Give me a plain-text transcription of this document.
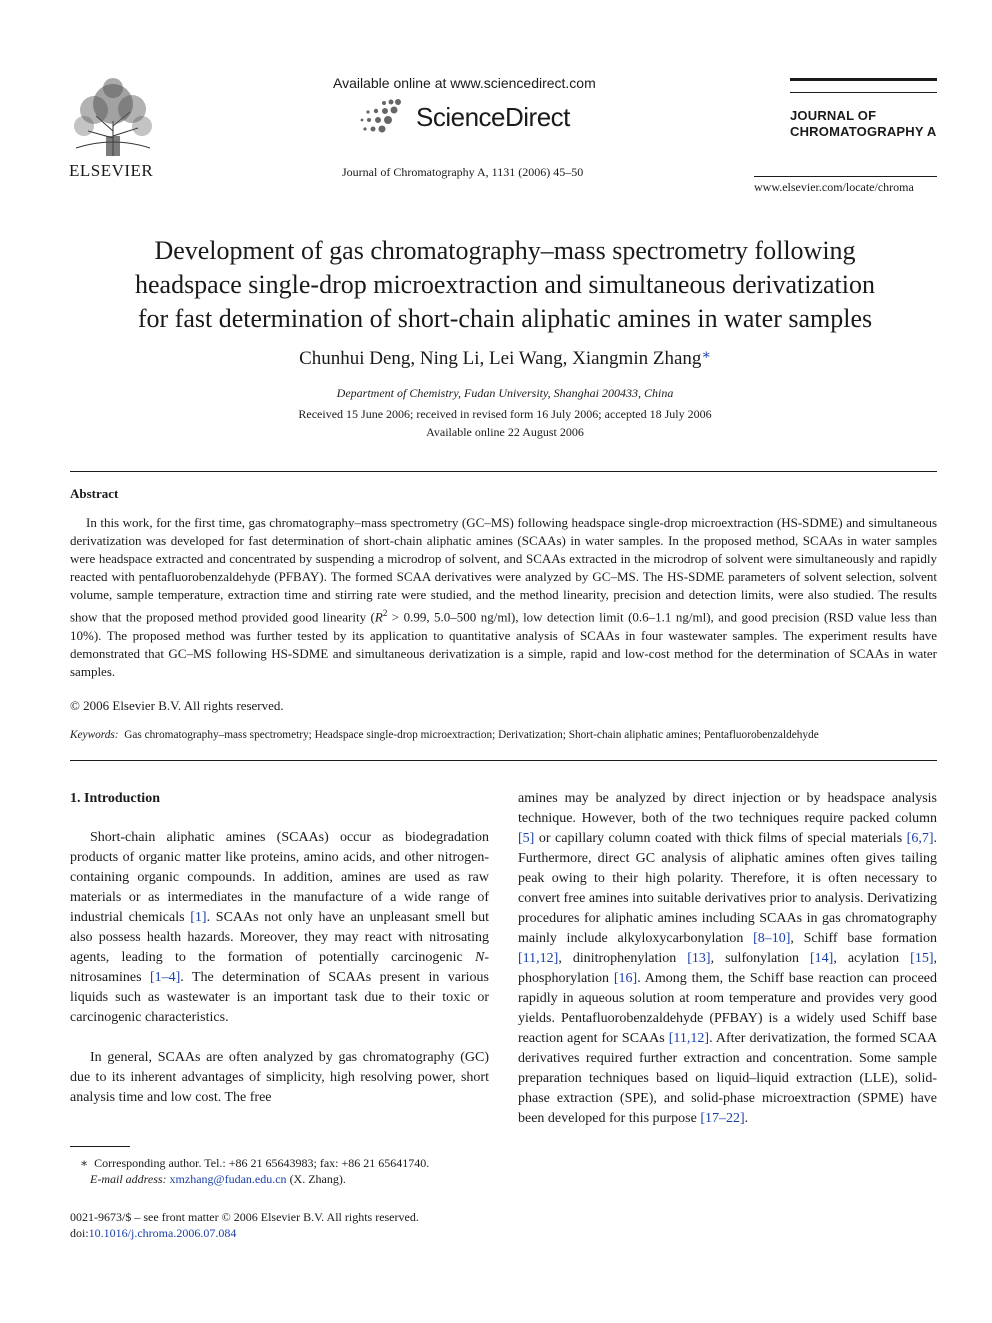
ELSEVIER
Available online at www.sciencedirect.com
ScienceDirect
Journal of Chromatography A, 1131 (2006) 45–50
JOURNAL OF
CHROMATOGRAPHY A
www.elsevier.com/locate/chroma
Development of gas chromatography–mass spectrometry following
headspace single-drop microextraction and simultaneous derivatization
for fast determination of short-chain aliphatic amines in water samples
Chunhui Deng, Ning Li, Lei Wang, Xiangmin Zhang∗
Department of Chemistry, Fudan University, Shanghai 200433, China
Received 15 June 2006; received in revised form 16 July 2006; accepted 18 July 2006
Available online 22 August 2006
Abstract

In this work, for the first time, gas chromatography–mass spectrometry (GC–MS) following headspace single-drop microextraction (HS-SDME) and simultaneous derivatization was developed for fast determination of short-chain aliphatic amines (SCAAs) in water samples. In the proposed method, SCAAs in water samples were headspace extracted and concentrated by suspending a microdrop of solvent, and SCAAs extracted in the microdrop of solvent were simultaneously and rapidly reacted with pentafluorobenzaldehyde (PFBAY). The formed SCAA derivatives were analyzed by GC–MS. The HS-SDME parameters of solvent selection, solvent volume, sample temperature, extraction time and stirring rate were studied, and the method linearity, precision and detection limits, were also studied. The results show that the proposed method provided good linearity ($R^2 > 0.99$, 5.0–500 ng/ml), low detection limit (0.6–1.1 ng/ml), and good precision (RSD value less than 10%). The proposed method was further tested by its application to quantitative analysis of SCAAs in four wastewater samples. The experiment results have demonstrated that GC–MS following HS-SDME and simultaneous derivatization is a simple, rapid and low-cost method for the determination of SCAAs in water samples.

© 2006 Elsevier B.V. All rights reserved.
Keywords: Gas chromatography–mass spectrometry; Headspace single-drop microextraction; Derivatization; Short-chain aliphatic amines; Pentafluorobenzaldehyde
1. Introduction

Short-chain aliphatic amines (SCAAs) occur as biodegradation products of organic matter like proteins, amino acids, and other nitrogen-containing organic compounds. In addition, amines are used as raw materials or as intermediates in the manufacture of a wide range of industrial chemicals [1]. SCAAs not only have an unpleasant smell but also possess health hazards. Moreover, they may react with nitrosating agents, leading to the formation of potentially carcinogenic N-nitrosamines [1–4]. The determination of SCAAs present in various liquids such as wastewater is an important task due to their toxic or carcinogenic characteristics.

In general, SCAAs are often analyzed by gas chromatography (GC) due to its inherent advantages of simplicity, high resolving power, short analysis time and low cost. The free

amines may be analyzed by direct injection or by headspace analysis technique. However, both of the two techniques require packed column [5] or capillary column coated with thick films of special materials [6,7]. Furthermore, direct GC analysis of aliphatic amines often gives tailing peak owing to their high polarity. Therefore, it is often necessary to convert free amines into suitable derivatives prior to analysis. Derivatizing procedures for aliphatic amines including SCAAs in gas chromatography mainly include alkyloxycarbonylation [8–10], Schiff base formation [11,12], dinitrophenylation [13], sulfonylation [14], acylation [15], phosphorylation [16]. Among them, the Schiff base reaction can proceed rapidly in aqueous solution at room temperature and provides very good yields. Pentafluorobenzaldehyde (PFBAY) is a widely used Schiff base reaction agent for SCAAs [11,12]. After derivatization, the formed SCAA derivatives required further extraction and concentration. Some sample preparation techniques based on liquid–liquid extraction (LLE), solid-phase extraction (SPE), and solid-phase microextraction (SPME) have been developed for this purpose [17–22].

∗ Corresponding author. Tel.: +86 21 65643983; fax: +86 21 65641740.
E-mail address: xmzhang@fudan.edu.cn (X. Zhang).
0021-9673/$ – see front matter © 2006 Elsevier B.V. All rights reserved.
doi:10.1016/j.chroma.2006.07.084
